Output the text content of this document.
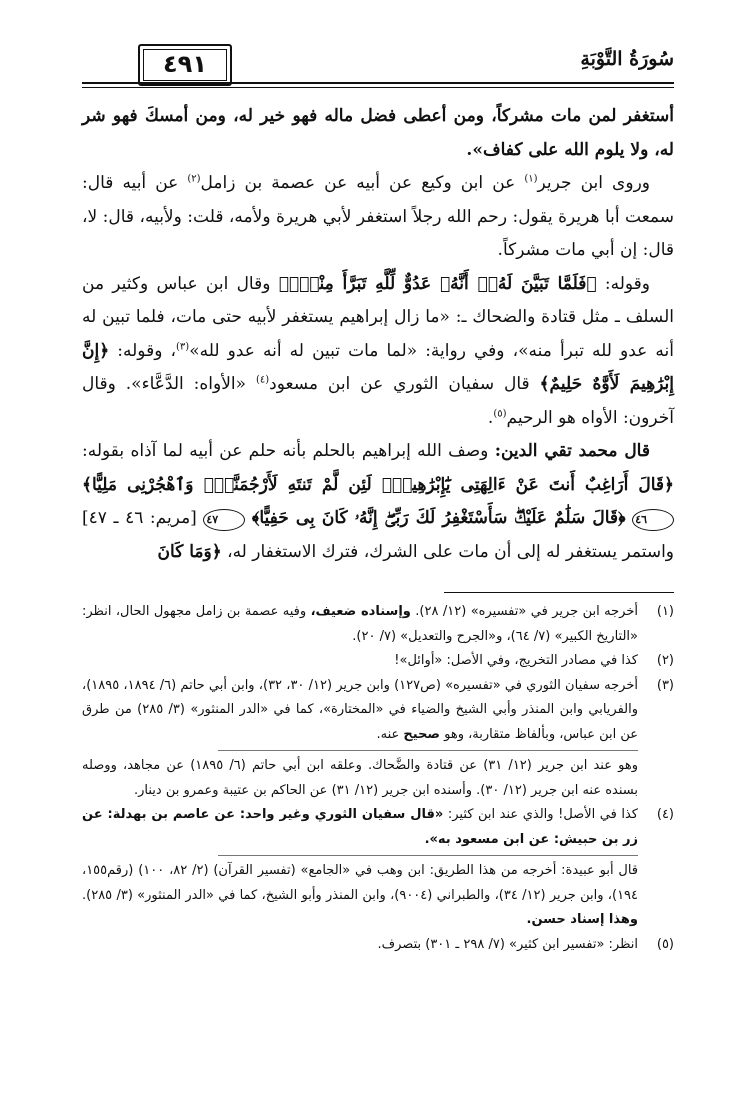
سُورَةُ التَّوْبَةِ
٤٩١

أستغفر لمن مات مشركاً، ومن أعطى فضل ماله فهو خير له، ومن أمسكَ فهو شر له، ولا يلوم الله على كفاف».

وروى ابن جرير$^{(١)}$ عن ابن وكيع عن أبيه عن عصمة بن زامل$^{(٢)}$ عن أبيه قال: سمعت أبا هريرة يقول: رحم الله رجلاً استغفر لأبي هريرة ولأمه، قلت: ولأبيه، قال: لا، قال: إن أبي مات مشركاً.

وقوله: ﴿فَلَمَّا تَبَيَّنَ لَهُۥٓ أَنَّهُۥ عَدُوٌّ لِّلَّهِ تَبَرَّأَ مِنْهُۚ﴾ وقال ابن عباس وكثير من السلف ـ مثل قتادة والضحاك ـ: «ما زال إبراهيم يستغفر لأبيه حتى مات، فلما تبين له أنه عدو لله تبرأ منه»، وفي رواية: «لما مات تبين له أنه عدو لله»$^{(٣)}$، وقوله: ﴿إِنَّ إِبْرَٰهِيمَ لَأَوَّٰهٌ حَلِيمٌ﴾ قال سفيان الثوري عن ابن مسعود$^{(٤)}$ «الأواه: الدَّعَّاء». وقال آخرون: الأواه هو الرحيم$^{(٥)}$.

قال محمد تقي الدين: وصف الله إبراهيم بالحلم بأنه حلم عن أبيه لما آذاه بقوله: ﴿قَالَ أَرَاغِبٌ أَنتَ عَنْ ءَالِهَتِى يَٰٓإِبْرَٰهِيمُۖ لَئِن لَّمْ تَنتَهِ لَأَرْجُمَنَّكَۖ وَٱهْجُرْنِى مَلِيًّا﴾ ٤٦ ﴿قَالَ سَلَٰمٌ عَلَيْكَۖ سَأَسْتَغْفِرُ لَكَ رَبِّىٓۖ إِنَّهُۥ كَانَ بِى حَفِيًّا﴾ ٤٧ [مريم: ٤٦ ـ ٤٧] واستمر يستغفر له إلى أن مات على الشرك، فترك الاستغفار له، ﴿وَمَا كَانَ

(١)
أخرجه ابن جرير في «تفسيره» (١٢/ ٢٨). وإسناده ضعيف، وفيه عصمة بن زامل مجهول الحال، انظر: «التاريخ الكبير» (٧/ ٦٤)، و«الجرح والتعديل» (٧/ ٢٠).
(٢)
كذا في مصادر التخريج، وفي الأصل: «أوائل»!
(٣)
أخرجه سفيان الثوري في «تفسيره» (ص١٢٧) وابن جرير (١٢/ ٣٠، ٣٢)، وابن أبي حاتم (٦/ ١٨٩٤، ١٨٩٥)، والفريابي وابن المنذر وأبي الشيخ والضياء في «المختارة»، كما في «الدر المنثور» (٣/ ٢٨٥) من طرق عن ابن عباس، وبألفاظ متقاربة، وهو صحيح عنه.
وهو عند ابن جرير (١٢/ ٣١) عن قتادة والضَّحاك. وعلقه ابن أبي حاتم (٦/ ١٨٩٥) عن مجاهد، ووصله بسنده عنه ابن جرير (١٢/ ٣٠). وأسنده ابن جرير (١٢/ ٣١) عن الحاكم بن عتيبة وعمرو بن دينار.
(٤)
كذا في الأصل! والذي عند ابن كثير: «قال سفيان الثوري وغير واحد: عن عاصم بن بهدلة: عن زر بن حبيش: عن ابن مسعود به».
قال أبو عبيدة: أخرجه من هذا الطريق: ابن وهب في «الجامع» (تفسير القرآن) (٢/ ٨٢، ١٠٠) (رقم١٥٥، ١٩٤)، وابن جرير (١٢/ ٣٤)، والطبراني (٩٠٠٤)، وابن المنذر وأبو الشيخ، كما في «الدر المنثور» (٣/ ٢٨٥). وهذا إسناد حسن.
(٥)
انظر: «تفسير ابن كثير» (٧/ ٢٩٨ ـ ٣٠١) بتصرف.
